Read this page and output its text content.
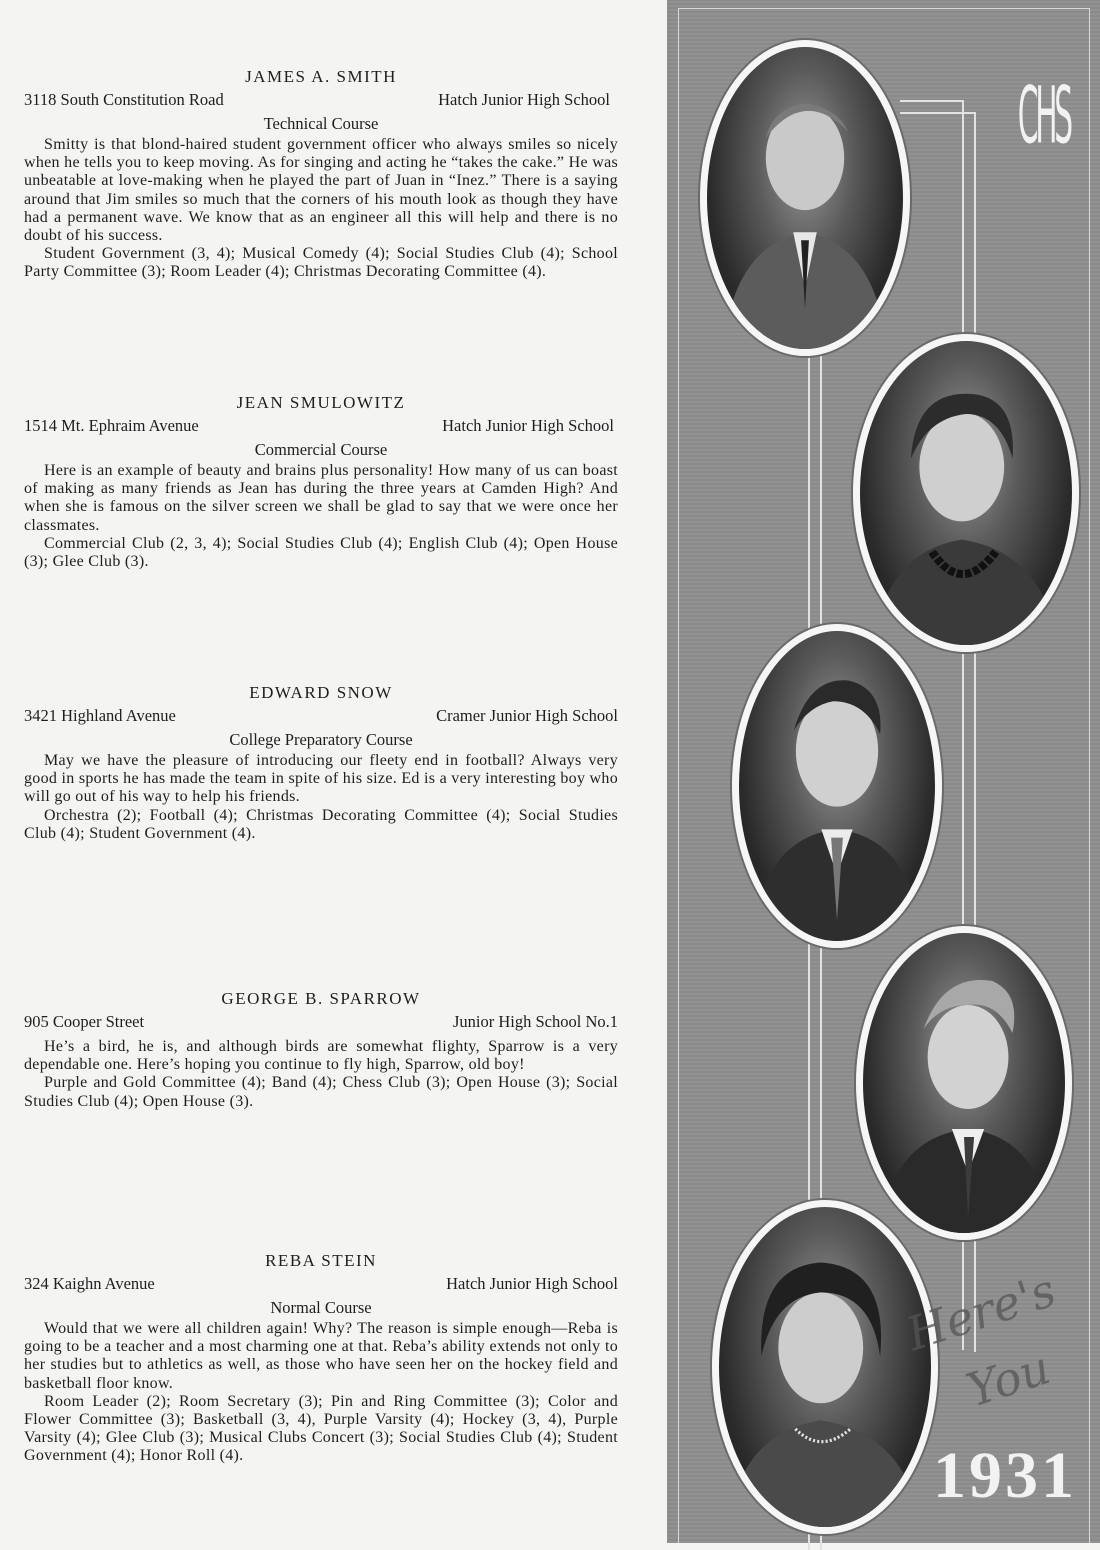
JAMES A. SMITH
3118 South Constitution Road	Hatch Junior High School
Technical Course

Smitty is that blond-haired student government officer who always smiles so nicely when he tells you to keep moving. As for singing and acting he “takes the cake.” He was unbeatable at love-making when he played the part of Juan in “Inez.” There is a saying around that Jim smiles so much that the corners of his mouth look as though they have had a permanent wave. We know that as an engineer all this will help and there is no doubt of his success.

Student Government (3, 4); Musical Comedy (4); Social Studies Club (4); School Party Committee (3); Room Leader (4); Christmas Decorating Committee (4).

JEAN SMULOWITZ
1514 Mt. Ephraim Avenue	Hatch Junior High School
Commercial Course

Here is an example of beauty and brains plus personality! How many of us can boast of making as many friends as Jean has during the three years at Camden High? And when she is famous on the silver screen we shall be glad to say that we were once her classmates.

Commercial Club (2, 3, 4); Social Studies Club (4); English Club (4); Open House (3); Glee Club (3).

EDWARD SNOW
3421 Highland Avenue	Cramer Junior High School
College Preparatory Course

May we have the pleasure of introducing our fleety end in football? Always very good in sports he has made the team in spite of his size. Ed is a very interesting boy who will go out of his way to help his friends.

Orchestra (2); Football (4); Christmas Decorating Committee (4); Social Studies Club (4); Student Government (4).

GEORGE B. SPARROW
905 Cooper Street	Junior High School No.1

He’s a bird, he is, and although birds are somewhat flighty, Sparrow is a very dependable one. Here’s hoping you continue to fly high, Sparrow, old boy!

Purple and Gold Committee (4); Band (4); Chess Club (3); Open House (3); Social Studies Club (4); Open House (3).

REBA STEIN
324 Kaighn Avenue	Hatch Junior High School
Normal Course

Would that we were all children again! Why? The reason is simple enough—Reba is going to be a teacher and a most charming one at that. Reba’s ability extends not only to her studies but to athletics as well, as those who have seen her on the hockey field and basketball floor know.

Room Leader (2); Room Secretary (3); Pin and Ring Committee (3); Color and Flower Committee (3); Basketball (3, 4), Purple Varsity (4); Hockey (3, 4), Purple Varsity (4); Glee Club (3); Musical Clubs Concert (3); Social Studies Club (4); Student Government (4); Honor Roll (4).

CHS
Here's
You
1931
